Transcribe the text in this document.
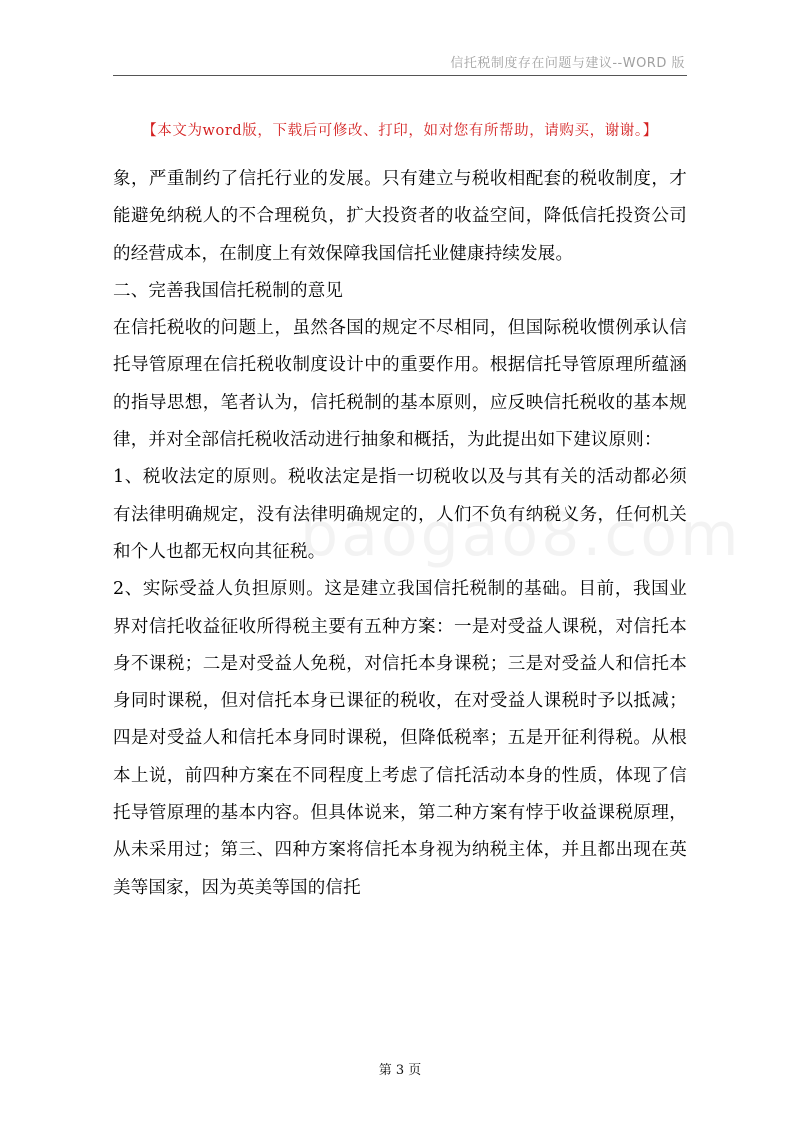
信托税制度存在问题与建议--WORD 版
【本文为word版，下载后可修改、打印，如对您有所帮助，请购买，谢谢。】

象，严重制约了信托行业的发展。只有建立与税收相配套的税收制度，才能避免纳税人的不合理税负，扩大投资者的收益空间，降低信托投资公司的经营成本，在制度上有效保障我国信托业健康持续发展。

二、完善我国信托税制的意见

在信托税收的问题上，虽然各国的规定不尽相同，但国际税收惯例承认信托导管原理在信托税收制度设计中的重要作用。根据信托导管原理所蕴涵的指导思想，笔者认为，信托税制的基本原则，应反映信托税收的基本规律，并对全部信托税收活动进行抽象和概括，为此提出如下建议原则：

1、税收法定的原则。税收法定是指一切税收以及与其有关的活动都必须有法律明确规定，没有法律明确规定的，人们不负有纳税义务，任何机关和个人也都无权向其征税。

2、实际受益人负担原则。这是建立我国信托税制的基础。目前，我国业界对信托收益征收所得税主要有五种方案：一是对受益人课税，对信托本身不课税；二是对受益人免税，对信托本身课税；三是对受益人和信托本身同时课税，但对信托本身已课征的税收，在对受益人课税时予以抵减；四是对受益人和信托本身同时课税，但降低税率；五是开征利得税。从根本上说，前四种方案在不同程度上考虑了信托活动本身的性质，体现了信托导管原理的基本内容。但具体说来，第二种方案有悖于收益课税原理，从未采用过；第三、四种方案将信托本身视为纳税主体，并且都出现在英美等国家，因为英美等国的信托

第 3 页
